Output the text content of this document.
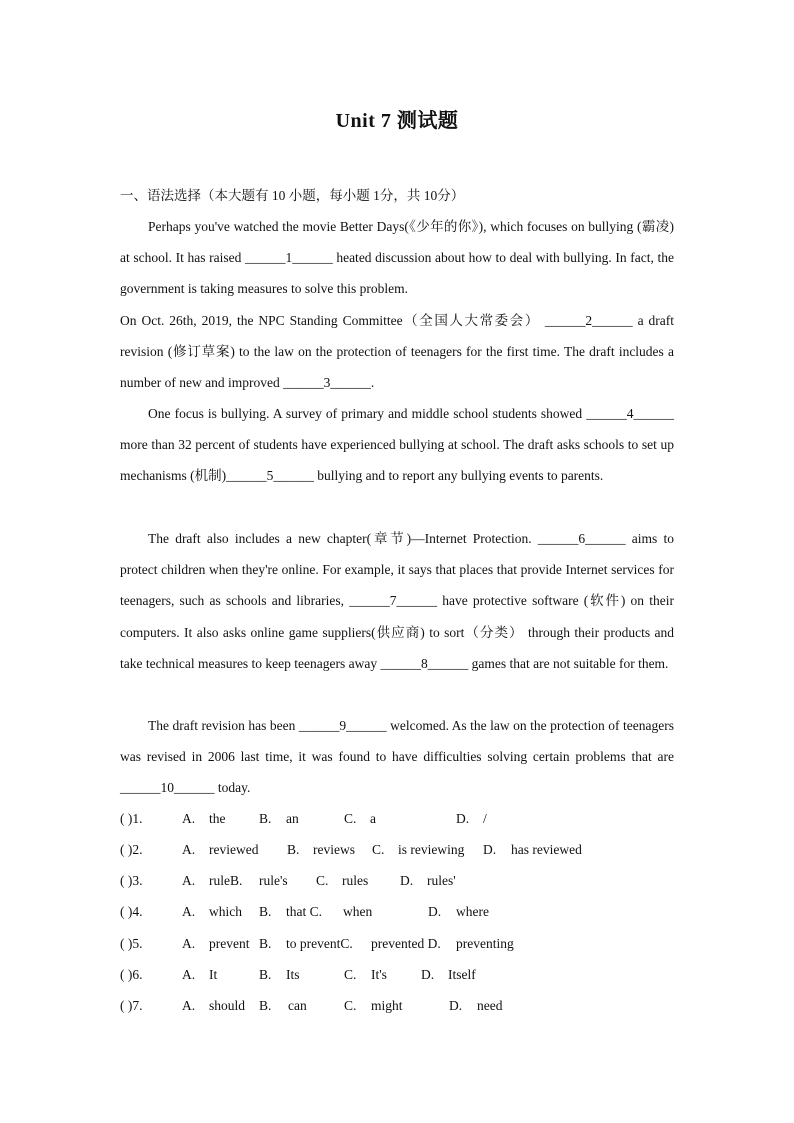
Unit 7 测试题
一、语法选择（本大题有 10 小题，每小题 1分，共 10分）
Perhaps you've watched the movie Better Days(《少年的你》), which focuses on bullying (霸凌) at school. It has raised ______1______ heated discussion about how to deal with bullying. In fact, the government is taking measures to solve this problem.
On Oct. 26th, 2019, the NPC Standing Committee（全国人大常委会） ______2______ a draft revision (修订草案) to the law on the protection of teenagers for the first time. The draft includes a number of new and improved ______3______.
One focus is bullying. A survey of primary and middle school students showed ______4______ more than 32 percent of students have experienced bullying at school. The draft asks schools to set up mechanisms (机制)______5______ bullying and to report any bullying events to parents.
The draft also includes a new chapter(章节)—Internet Protection. ______6______ aims to protect children when they're online. For example, it says that places that provide Internet services for teenagers, such as schools and libraries, ______7______ have protective software (软件) on their computers. It also asks online game suppliers(供应商) to sort（分类） through their products and take technical measures to keep teenagers away ______8______ games that are not suitable for them.
The draft revision has been ______9______ welcomed. As the law on the protection of teenagers was revised in 2006 last time, it was found to have difficulties solving certain problems that are ______10______ today.
( )1.	A. the B. an	C. a	D. /
( )2.	A. reviewed B. reviews C. is reviewing D. has reviewed
( )3.	A. ruleB. rule's C. rules D. rules'
( )4.	A. which B. that C. when	D. where
( )5.	A. prevent B. to preventC. prevented D. preventing
( )6.	A. It	B. Its	C. It's	D. Itself
( )7.	A. should B. can	C. might	D. need
